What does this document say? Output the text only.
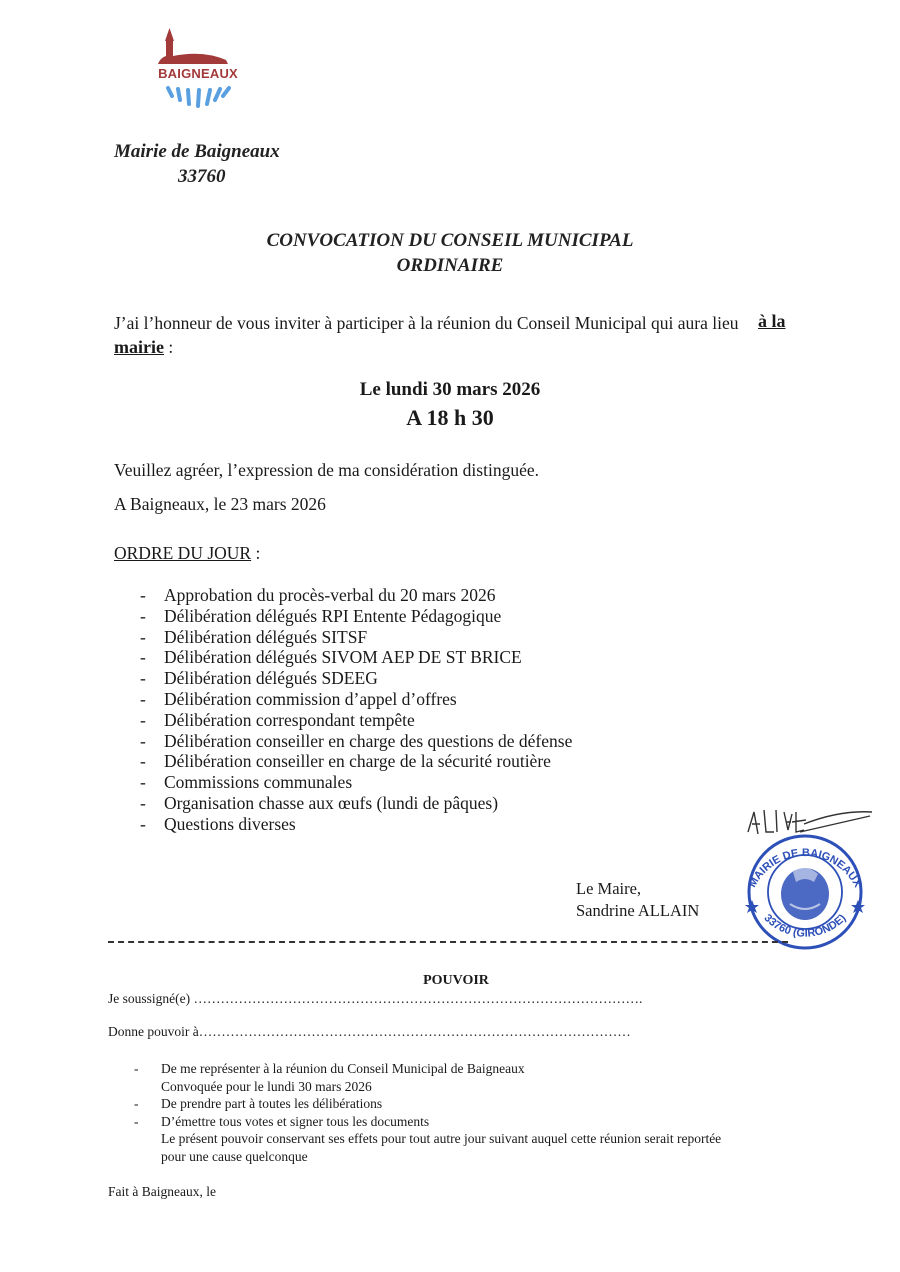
BAIGNEAUX
Mairie de Baigneaux
33760
CONVOCATION DU CONSEIL MUNICIPAL
ORDINAIRE
J’ai l’honneur de vous inviter à participer à la réunion du Conseil Municipal qui aura lieu à la
mairie :
Le lundi 30 mars 2026
A 18 h 30
Veuillez agréer, l’expression de ma considération distinguée.
A Baigneaux, le 23 mars 2026
ORDRE DU JOUR :
- Approbation du procès-verbal du 20 mars 2026
- Délibération délégués RPI Entente Pédagogique
- Délibération délégués SITSF
- Délibération délégués SIVOM AEP DE ST BRICE
- Délibération délégués SDEEG
- Délibération commission d’appel d’offres
- Délibération correspondant tempête
- Délibération conseiller en charge des questions de défense
- Délibération conseiller en charge de la sécurité routière
- Commissions communales
- Organisation chasse aux œufs (lundi de pâques)
- Questions diverses
Le Maire,
Sandrine ALLAIN
MAIRIE DE BAIGNEAUX
33760 (GIRONDE)
POUVOIR
Je soussigné(e) ……………………………………………………………………………………….
Donne pouvoir à……………………………………………………………………………………
- De me représenter à la réunion du Conseil Municipal de Baigneaux
Convoquée pour le lundi 30 mars 2026
- De prendre part à toutes les délibérations
- D’émettre tous votes et signer tous les documents
Le présent pouvoir conservant ses effets pour tout autre jour suivant auquel cette réunion serait reportée
pour une cause quelconque
Fait à Baigneaux, le
